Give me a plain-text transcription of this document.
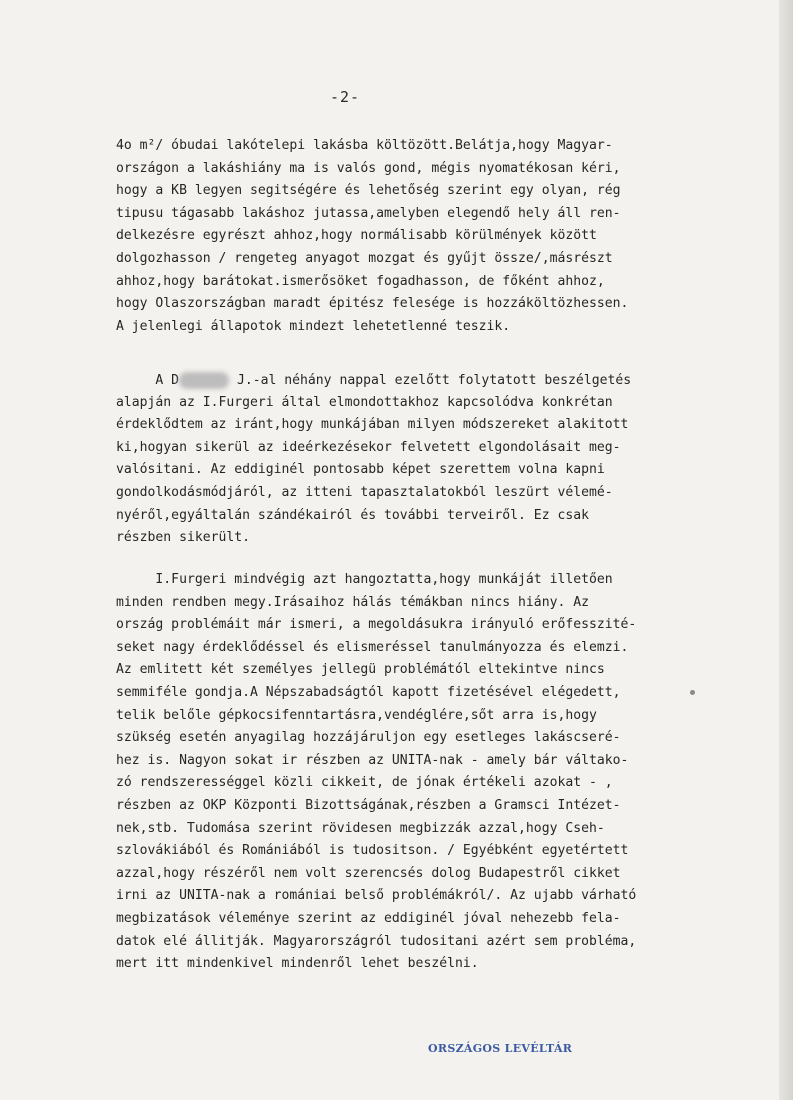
-2-
4o m²/ óbudai lakótelepi lakásba költözött.Belátja,hogy Magyar-
országon a lakáshiány ma is valós gond, mégis nyomatékosan kéri,
hogy a KB legyen segitségére és lehetőség szerint egy olyan, rég
tipusu tágasabb lakáshoz jutassa,amelyben elegendő hely áll ren-
delkezésre egyrészt ahhoz,hogy normálisabb körülmények között
dolgozhasson / rengeteg anyagot mozgat és gyűjt össze/,másrészt
ahhoz,hogy barátokat.ismerősöket fogadhasson, de főként ahhoz,
hogy Olaszországban maradt épitész felesége is hozzáköltözhessen.
A jelenlegi állapotok mindezt lehetetlenné teszik.
A D	J.-al néhány nappal ezelőtt folytatott beszélgetés
alapján az I.Furgeri által elmondottakhoz kapcsolódva konkrétan
érdeklődtem az iránt,hogy munkájában milyen módszereket alakitott
ki,hogyan sikerül az ideérkezésekor felvetett elgondolásait meg-
valósitani. Az eddiginél pontosabb képet szerettem volna kapni
gondolkodásmódjáról, az itteni tapasztalatokból leszürt vélemé-
nyéről,egyáltalán szándékairól és további terveiről. Ez csak
részben sikerült.
I.Furgeri mindvégig azt hangoztatta,hogy munkáját illetően
minden rendben megy.Irásaihoz hálás témákban nincs hiány. Az
ország problémáit már ismeri, a megoldásukra irányuló erőfesszité-
seket nagy érdeklődéssel és elismeréssel tanulmányozza és elemzi.
Az emlitett két személyes jellegü problémától eltekintve nincs
semmiféle gondja.A Népszabadságtól kapott fizetésével elégedett,
telik belőle gépkocsifenntartásra,vendéglére,sőt arra is,hogy
szükség esetén anyagilag hozzájáruljon egy esetleges lakáscseré-
hez is. Nagyon sokat ir részben az UNITA-nak - amely bár váltako-
zó rendszerességgel közli cikkeit, de jónak értékeli azokat - ,
részben az OKP Központi Bizottságának,részben a Gramsci Intézet-
nek,stb. Tudomása szerint rövidesen megbizzák azzal,hogy Cseh-
szlovákiából és Romániából is tudositson. / Egyébként egyetértett
azzal,hogy részéről nem volt szerencsés dolog Budapestről cikket
irni az UNITA-nak a romániai belső problémákról/. Az ujabb várható
megbizatások véleménye szerint az eddiginél jóval nehezebb fela-
datok elé állitják. Magyarországról tudositani azért sem probléma,
mert itt mindenkivel mindenről lehet beszélni.
ORSZÁGOS LEVÉLTÁR
